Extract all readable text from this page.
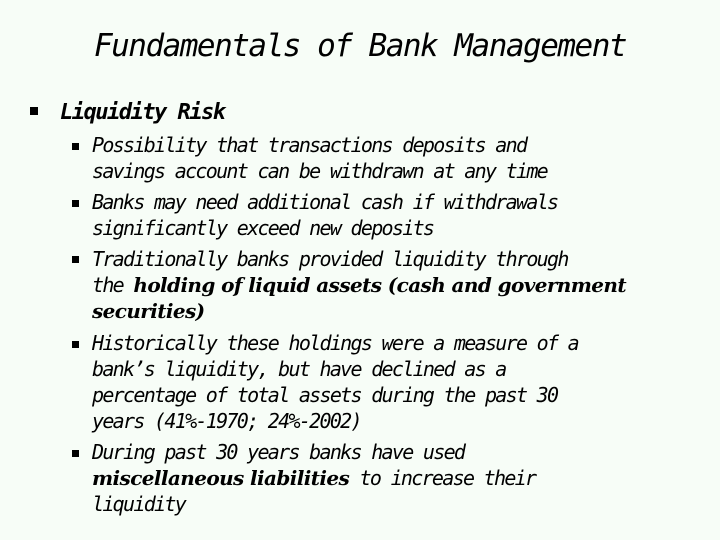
Fundamentals of Bank Management
Liquidity Risk
Possibility that transactions deposits and
savings account can be withdrawn at any time
Banks may need additional cash if withdrawals
significantly exceed new deposits
Traditionally banks provided liquidity through
the holding of liquid assets (cash and government
securities)
Historically these holdings were a measure of a
bank’s liquidity, but have declined as a
percentage of total assets during the past 30
years (41%-1970; 24%-2002)
During past 30 years banks have used
miscellaneous liabilities to increase their
liquidity
